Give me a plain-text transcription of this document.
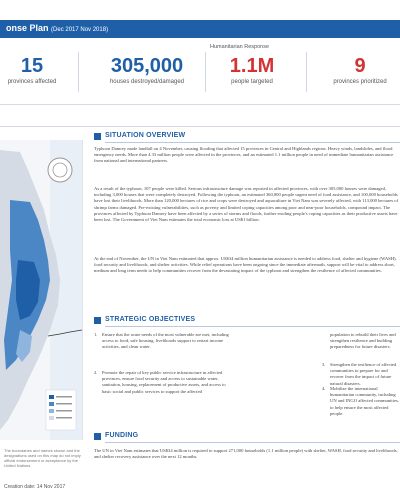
onse Plan (Dec 2017 Nov 2018)
15
provinces affected
305,000
houses destroyed/damaged
Humanitarian Response
1.1M
people targeted
9
provinces prioritized
The boundaries and names shown and the designations used on this map do not imply official endorsement or acceptance by the United Nations.
Creation date: 14 Nov 2017
SITUATION OVERVIEW
Typhoon Damrey made landfall on 4 November, causing flooding that affected 15 provinces in Central and Highlands regions. Heavy winds, landslides, and flood emergency needs. More than 4.33 million people were affected in the provinces, and an estimated 1.1 million people in need of immediate humanitarian assistance from national and international partners.
As a result of the typhoon, 107 people were killed. Serious infrastructure damage was reported in affected provinces, with over 305,000 houses were damaged, including 3,000 houses that were completely destroyed. Following the typhoon, an estimated 360,000 people urgent need of food assistance, and 100,000 households have lost their livelihoods. More than 120,000 hectares of rice and crops were destroyed and aquaculture in Viet Nam was severely affected, with 113,000 hectares of shrimp farms damaged. Pre-existing vulnerabilities, such as poverty and limited coping capacities among poor and near-poor households, compound impact. The provinces affected by Typhoon Damrey have been affected by a series of storms and floods, further eroding people's coping capacities as their productive assets have been lost. The Government of Viet Nam estimates the total economic loss at US$1 billion.
At the end of November, the UN in Viet Nam estimated that approx. US$34 million humanitarian assistance is needed to address food, shelter and hygiene (WASH), food security and livelihoods, and shelter activities. While relief operations have been ongoing since the immediate aftermath, support will be vital to address short, medium and long term needs to help communities recover from the devastating impact of the typhoon and strengthen the resilience of affected communities.
STRATEGIC OBJECTIVES
1. Ensure that the acute needs of the most vulnerable are met, including access to food, safe housing, livelihoods support to restart income activities, and clean water.
2. Promote the repair of key public service infrastructure in affected provinces, ensure food security and access to sustainable water, sanitation, housing, replacement of productive assets, and access to basic social and public services to support the affected
population to rebuild their lives and strengthen resilience and building preparedness for future disasters.
3. Strengthen the resilience of affected communities to prepare for and recover from the impact of future natural disasters.
4. Mobilize the international humanitarian community, including UN and INGO affected communities, to help ensure the most affected people.
FUNDING
The UN in Viet Nam estimates that US$34 million is required to support 271,000 households (1.1 million people) with shelter, WASH, food security and livelihoods, and shelter recovery assistance over the next 12 months.
